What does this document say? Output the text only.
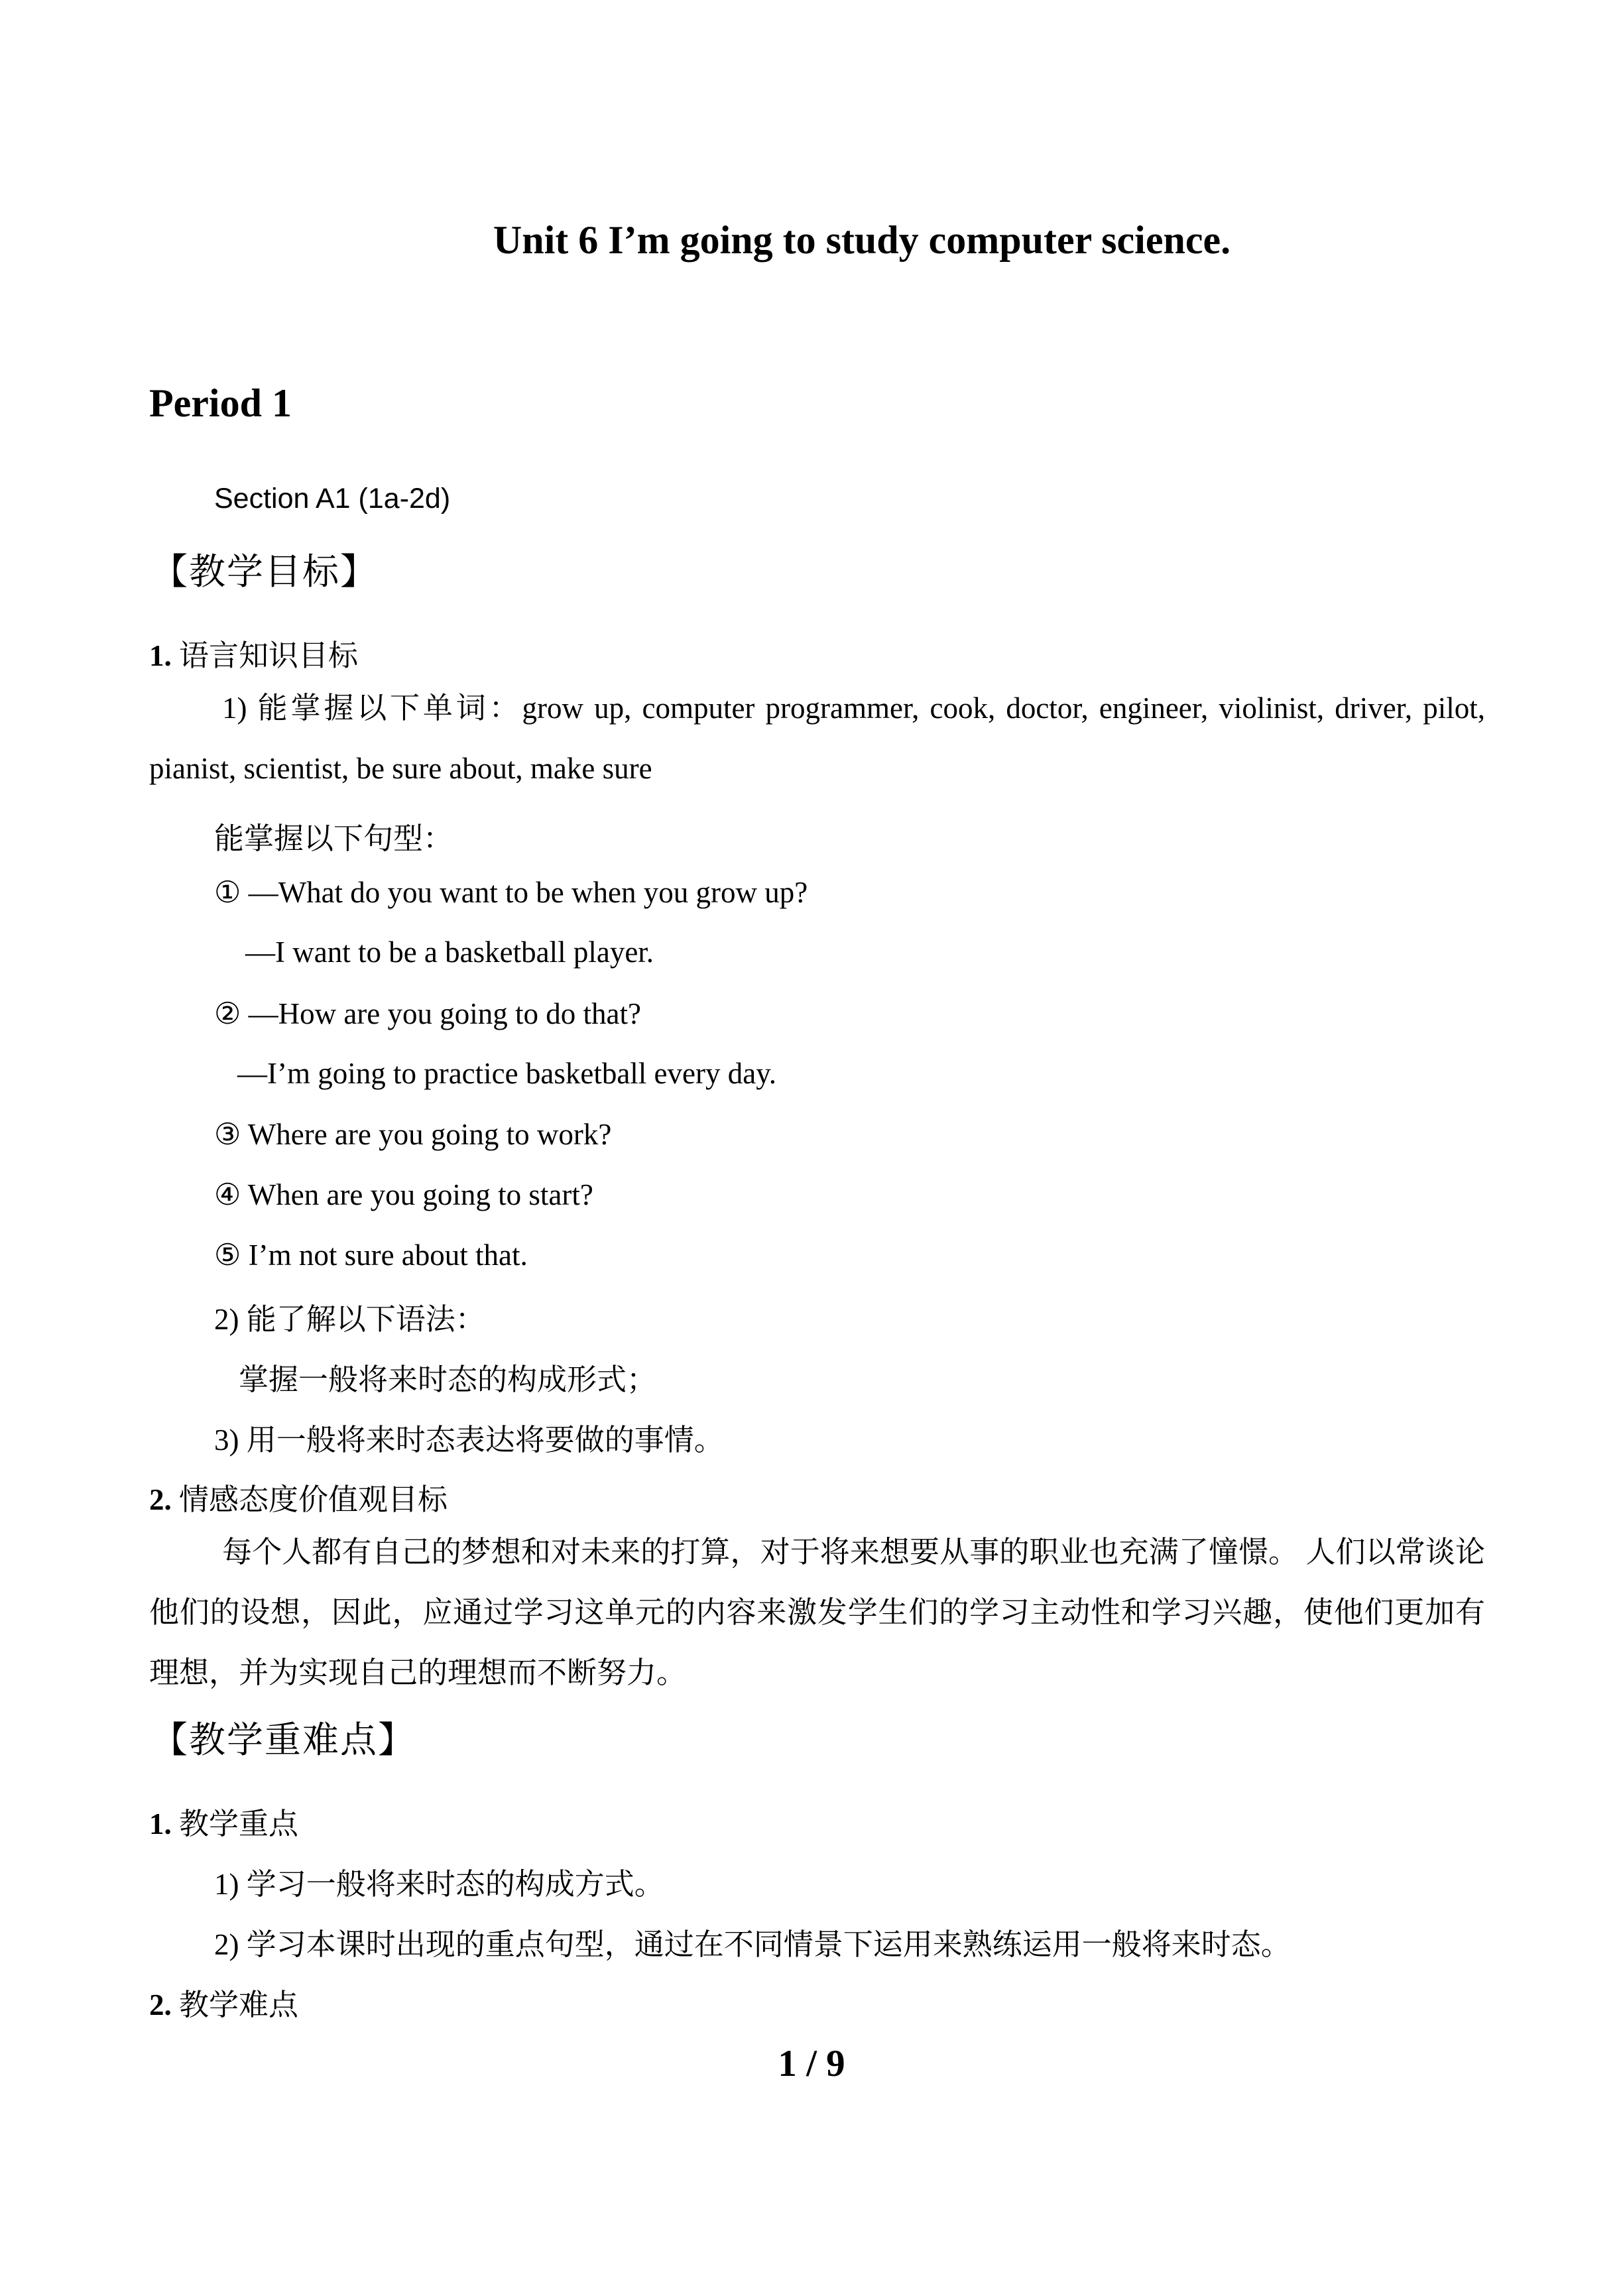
Unit 6 I’m going to study computer science.
Period 1
Section A1 (1a-2d)
【教学目标】
1. 语言知识目标
1) 能掌握以下单词：grow up, computer programmer, cook, doctor, engineer, violinist, driver, pilot, pianist, scientist, be sure about, make sure
能掌握以下句型：
① —What do you want to be when you grow up?
—I want to be a basketball player.
② —How are you going to do that?
—I’m going to practice basketball every day.
③ Where are you going to work?
④ When are you going to start?
⑤ I’m not sure about that.
2) 能了解以下语法：
掌握一般将来时态的构成形式；
3) 用一般将来时态表达将要做的事情。
2. 情感态度价值观目标
每个人都有自己的梦想和对未来的打算，对于将来想要从事的职业也充满了憧憬。 人们以常谈论他们的设想，因此，应通过学习这单元的内容来激发学生们的学习主动性和学习兴趣，使他们更加有理想，并为实现自己的理想而不断努力。
【教学重难点】
1. 教学重点
1) 学习一般将来时态的构成方式。
2) 学习本课时出现的重点句型，通过在不同情景下运用来熟练运用一般将来时态。
2. 教学难点
1 / 9
